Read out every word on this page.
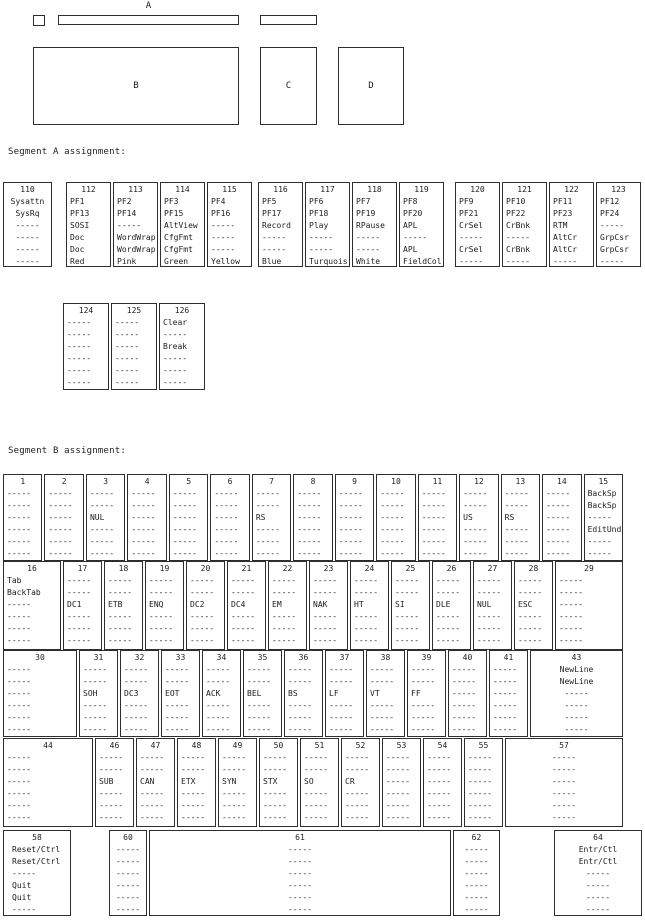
A
B	C	D
Segment A assignment:
110
Sysattn
SysRq
-----
-----
-----
-----
112
PF1
PF13
SOSI
Doc
Doc
Red
113
PF2
PF14
-----
WordWrap
WordWrap
Pink
114
PF3
PF15
AltView
CfgFmt
CfgFmt
Green
115
PF4
PF16
-----
-----
-----
Yellow
116
PF5
PF17
Record
-----
-----
Blue
117
PF6
PF18
Play
-----
-----
Turquois
118
PF7
PF19
RPause
-----
-----
White
119
PF8
PF20
APL
-----
APL
FieldCol
120
PF9
PF21
CrSel
-----
CrSel
-----
121
PF10
PF22
CrBnk
-----
CrBnk
-----
122
PF11
PF23
RTM
AltCr
AltCr
-----
123
PF12
PF24
-----
GrpCsr
GrpCsr
-----
124
-----
-----
-----
-----
-----
-----
125
-----
-----
-----
-----
-----
-----
126
Clear
-----
Break
-----
-----
-----
Segment B assignment:
1
-----
-----
-----
-----
-----
-----
2
-----
-----
-----
-----
-----
-----
3
-----
-----
NUL
-----
-----
-----
4
-----
-----
-----
-----
-----
-----
5
-----
-----
-----
-----
-----
-----
6
-----
-----
-----
-----
-----
-----
7
-----
-----
RS
-----
-----
-----
8
-----
-----
-----
-----
-----
-----
9
-----
-----
-----
-----
-----
-----
10
-----
-----
-----
-----
-----
-----
11
-----
-----
-----
-----
-----
-----
12
-----
-----
US
-----
-----
-----
13
-----
-----
RS
-----
-----
-----
14
-----
-----
-----
-----
-----
-----
15
BackSp
BackSp
-----
EditUnd
-----
-----
16
Tab
BackTab
-----
-----
-----
-----
17
-----
-----
DC1
-----
-----
-----
18
-----
-----
ETB
-----
-----
-----
19
-----
-----
ENQ
-----
-----
-----
20
-----
-----
DC2
-----
-----
-----
21
-----
-----
DC4
-----
-----
-----
22
-----
-----
EM
-----
-----
-----
23
-----
-----
NAK
-----
-----
-----
24
-----
-----
HT
-----
-----
-----
25
-----
-----
SI
-----
-----
-----
26
-----
-----
DLE
-----
-----
-----
27
-----
-----
NUL
-----
-----
-----
28
-----
-----
ESC
-----
-----
-----
29
-----
-----
-----
-----
-----
-----
30
-----
-----
-----
-----
-----
-----
31
-----
-----
SOH
-----
-----
-----
32
-----
-----
DC3
-----
-----
-----
33
-----
-----
EOT
-----
-----
-----
34
-----
-----
ACK
-----
-----
-----
35
-----
-----
BEL
-----
-----
-----
36
-----
-----
BS
-----
-----
-----
37
-----
-----
LF
-----
-----
-----
38
-----
-----
VT
-----
-----
-----
39
-----
-----
FF
-----
-----
-----
40
-----
-----
-----
-----
-----
-----
41
-----
-----
-----
-----
-----
-----
43
NewLine
NewLine
-----
-----
-----
-----
44
-----
-----
-----
-----
-----
-----
46
-----
-----
SUB
-----
-----
-----
47
-----
-----
CAN
-----
-----
-----
48
-----
-----
ETX
-----
-----
-----
49
-----
-----
SYN
-----
-----
-----
50
-----
-----
STX
-----
-----
-----
51
-----
-----
SO
-----
-----
-----
52
-----
-----
CR
-----
-----
-----
53
-----
-----
-----
-----
-----
-----
54
-----
-----
-----
-----
-----
-----
55
-----
-----
-----
-----
-----
-----
57
-----
-----
-----
-----
-----
-----
58
Reset/Ctrl
Reset/Ctrl
-----
Quit
Quit
-----
60
-----
-----
-----
-----
-----
-----
61
-----
-----
-----
-----
-----
-----
62
-----
-----
-----
-----
-----
-----
64
Entr/Ctl
Entr/Ctl
-----
-----
-----
-----
